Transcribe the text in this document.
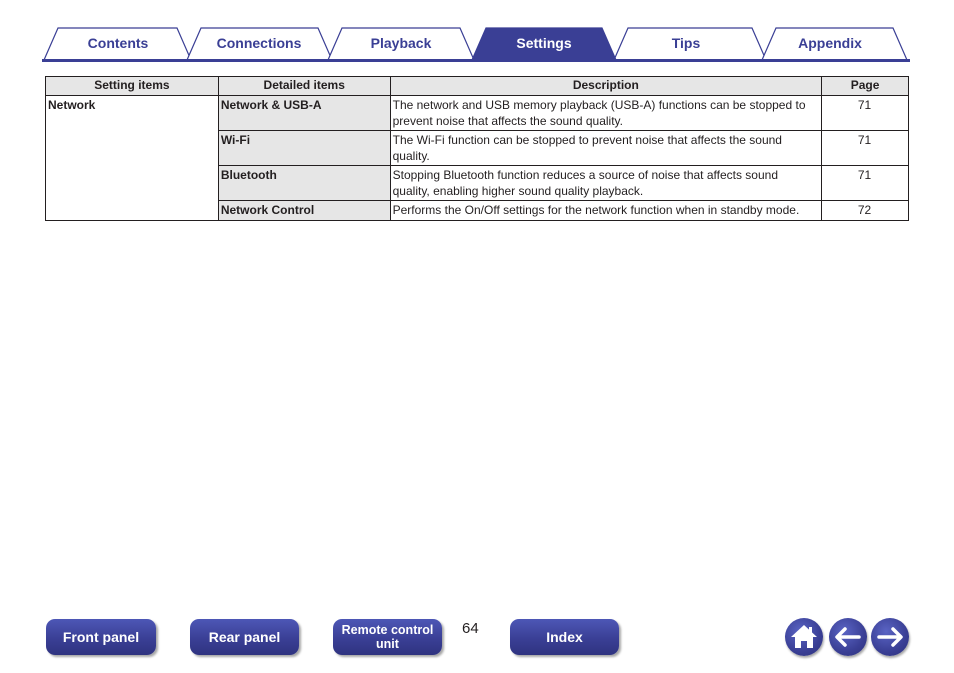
Contents	Connections	Playback	Settings	Tips	Appendix
Setting items	Detailed items	Description	Page
Network	Network & USB-A	The network and USB memory playback (USB-A) functions can be stopped to prevent noise that affects the sound quality.	71
	Wi-Fi	The Wi-Fi function can be stopped to prevent noise that affects the sound quality.	71
	Bluetooth	Stopping Bluetooth function reduces a source of noise that affects sound quality, enabling higher sound quality playback.	71
	Network Control	Performs the On/Off settings for the network function when in standby mode.	72
Front panel	Rear panel	Remote control
unit
64	Index
